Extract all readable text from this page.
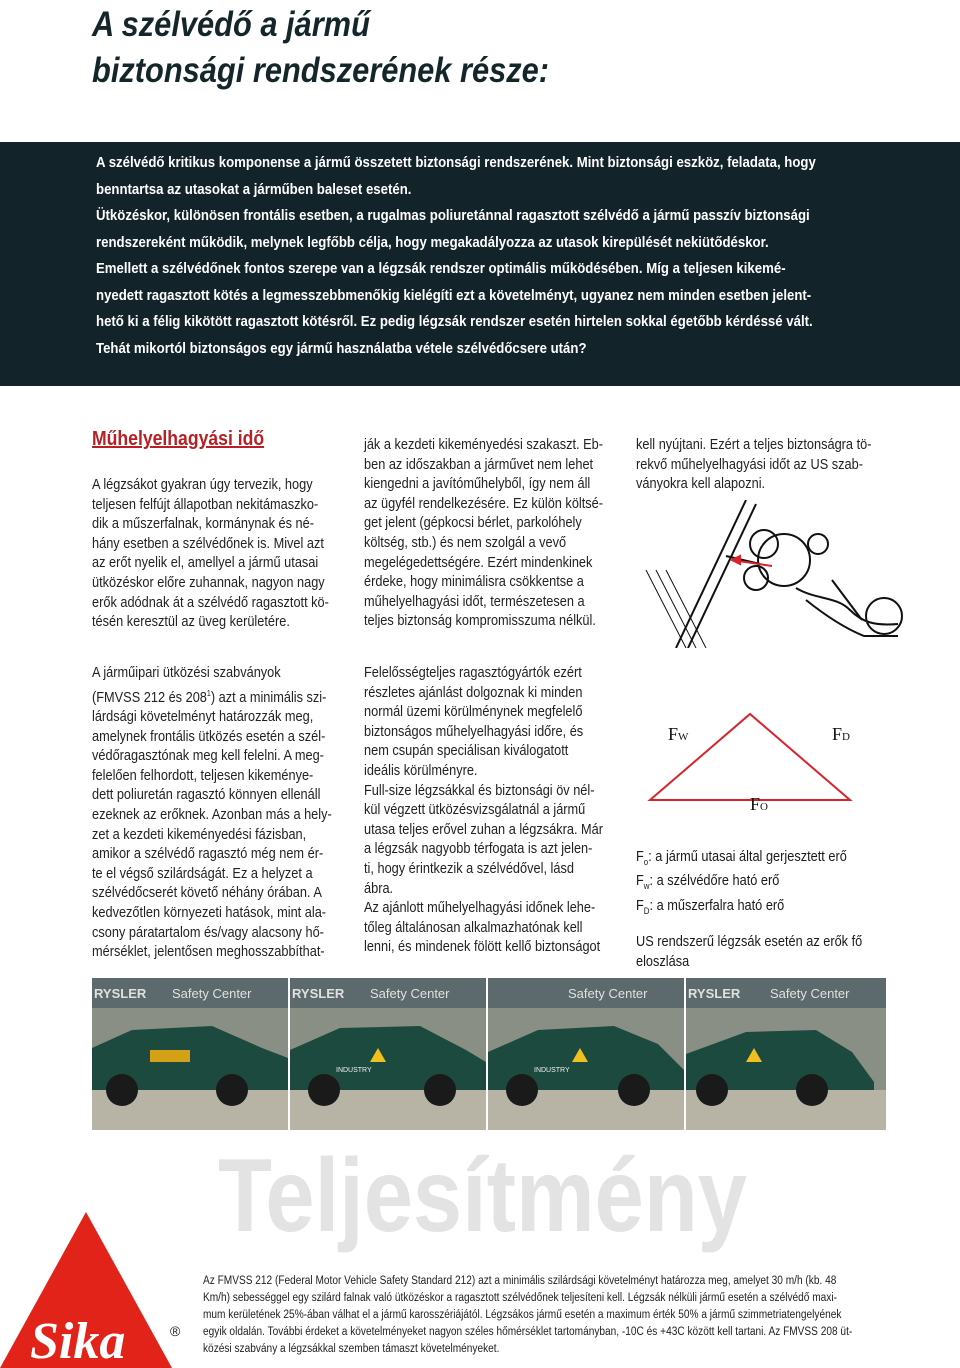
A szélvédő a jármű
biztonsági rendszerének része:
A szélvédő kritikus komponense a jármű összetett biztonsági rendszerének. Mint biztonsági eszköz, feladata, hogy
benntartsa az utasokat a járműben baleset esetén.
Ütközéskor, különösen frontális esetben, a rugalmas poliuretánnal ragasztott szélvédő a jármű passzív biztonsági
rendszereként működik, melynek legfőbb célja, hogy megakadályozza az utasok kirepülését nekiütődéskor.
Emellett a szélvédőnek fontos szerepe van a légzsák rendszer optimális működésében. Míg a teljesen kikemé-
nyedett ragasztott kötés a legmesszebbmenőkig kielégíti ezt a követelményt, ugyanez nem minden esetben jelent-
hető ki a félig kikötött ragasztott kötésről. Ez pedig légzsák rendszer esetén hirtelen sokkal égetőbb kérdéssé vált.
Tehát mikortól biztonságos egy jármű használatba vétele szélvédőcsere után?
Műhelyelhagyási idő
A légzsákot gyakran úgy tervezik, hogy
teljesen felfújt állapotban nekitámaszko-
dik a műszerfalnak, kormánynak és né-
hány esetben a szélvédőnek is. Mivel azt
az erőt nyelik el, amellyel a jármű utasai
ütközéskor előre zuhannak, nagyon nagy
erők adódnak át a szélvédő ragasztott kö-
tésén keresztül az üveg kerületére.
A járműipari ütközési szabványok
(FMVSS 212 és $208^1$) azt a minimális szi-
lárdsági követelményt határozzák meg,
amelynek frontális ütközés esetén a szél-
védőragasztónak meg kell felelni. A meg-
felelően felhordott, teljesen kikeményе-
dett poliuretán ragasztó könnyen ellenáll
ezeknek az erőknek. Azonban más a hely-
zet a kezdeti kikeményedési fázisban,
amikor a szélvédő ragasztó még nem ér-
te el végső szilárdságát. Ez a helyzet a
szélvédőcserét követő néhány órában. A
kedvezőtlen környezeti hatások, mint ala-
csony páratartalom és/vagy alacsony hő-
mérséklet, jelentősen meghosszabbíthat-
ják a kezdeti kikeményedési szakaszt. Eb-
ben az időszakban a járművet nem lehet
kiengedni a javítóműhelyből, így nem áll
az ügyfél rendelkezésére. Ez külön költsé-
get jelent (gépkocsi bérlet, parkolóhely
költség, stb.) és nem szolgál a vevő
megelégedettségére. Ezért mindenkinek
érdeke, hogy minimálisra csökkentse a
műhelyelhagyási időt, természetesen a
teljes biztonság kompromisszuma nélkül.
Felelősségteljes ragasztógyártók ezért
részletes ajánlást dolgoznak ki minden
normál üzemi körülménynek megfelelő
biztonságos műhelyelhagyási időre, és
nem csupán speciálisan kiválogatott
ideális körülményre.
Full-size légzsákkal és biztonsági öv nél-
kül végzett ütközésvizsgálatnál a jármű
utasa teljes erővel zuhan a légzsákra. Már
a légzsák nagyobb térfogata is azt jelen-
ti, hogy érintkezik a szélvédővel, lásd
ábra.
Az ajánlott műhelyelhagyási időnek lehe-
tőleg általánosan alkalmazhatónak kell
lenni, és mindenek fölött kellő biztonságot
kell nyújtani. Ezért a teljes biztonságra tö-
rekvő műhelyelhagyási időt az US szab-
ványokra kell alapozni.
FW	FD
FO
$F_o$: a jármű utasai által gerjesztett erő
$F_w$: a szélvédőre ható erő
$F_D$: a műszerfalra ható erő
US rendszerű légzsák esetén az erők fő
eloszlása
RYSLER Safety Center	RYSLER Safety Center
INDUSTRY
Safety Center
INDUSTRY
RYSLER Safety Center
Teljesítmény
Sika	®
Az FMVSS 212 (Federal Motor Vehicle Safety Standard 212) azt a minimális szilárdsági követelményt határozza meg, amelyet 30 m/h (kb. 48
Km/h) sebességgel egy szilárd falnak való ütközéskor a ragasztott szélvédőnek teljesíteni kell. Légzsák nélküli jármű esetén a szélvédő maxi-
mum kerületének 25%-ában válhat el a jármű karosszériájától. Légzsákos jármű esetén a maximum érték 50% a jármű szimmetriatengelyének
egyik oldalán. További érdeket a követelményeket nagyon széles hőmérséklet tartományban, -10C és +43C között kell tartani. Az FMVSS 208 üt-
közési szabvány a légzsákkal szemben támaszt követelményeket.
